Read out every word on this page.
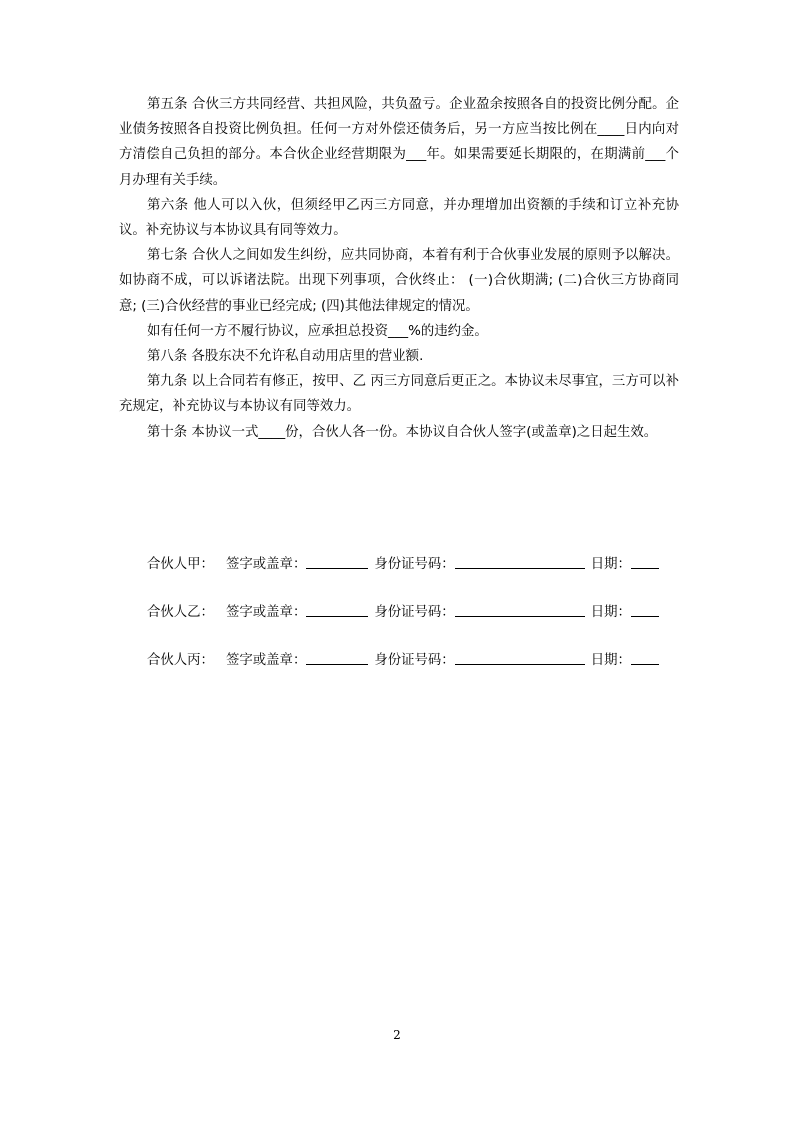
第五条 合伙三方共同经营、共担风险，共负盈亏。企业盈余按照各自的投资比例分配。企业债务按照各自投资比例负担。任何一方对外偿还债务后，另一方应当按比例在____日内向对方清偿自己负担的部分。本合伙企业经营期限为___年。如果需要延长期限的，在期满前___个月办理有关手续。

第六条 他人可以入伙，但须经甲乙丙三方同意，并办理增加出资额的手续和订立补充协议。补充协议与本协议具有同等效力。

第七条 合伙人之间如发生纠纷，应共同协商，本着有利于合伙事业发展的原则予以解决。如协商不成，可以诉诸法院。出现下列事项，合伙终止： (一)合伙期满; (二)合伙三方协商同意; (三)合伙经营的事业已经完成; (四)其他法律规定的情况。

如有任何一方不履行协议，应承担总投资___%的违约金。

第八条 各股东决不允许私自动用店里的营业额.

第九条 以上合同若有修正，按甲、乙 丙三方同意后更正之。本协议未尽事宜，三方可以补充规定，补充协议与本协议有同等效力。

第十条 本协议一式____份，合伙人各一份。本协议自合伙人签字(或盖章)之日起生效。

合伙人甲： 签字或盖章：	身份证号码：	日期：
合伙人乙： 签字或盖章：	身份证号码：	日期：
合伙人丙： 签字或盖章：	身份证号码：	日期：
2
